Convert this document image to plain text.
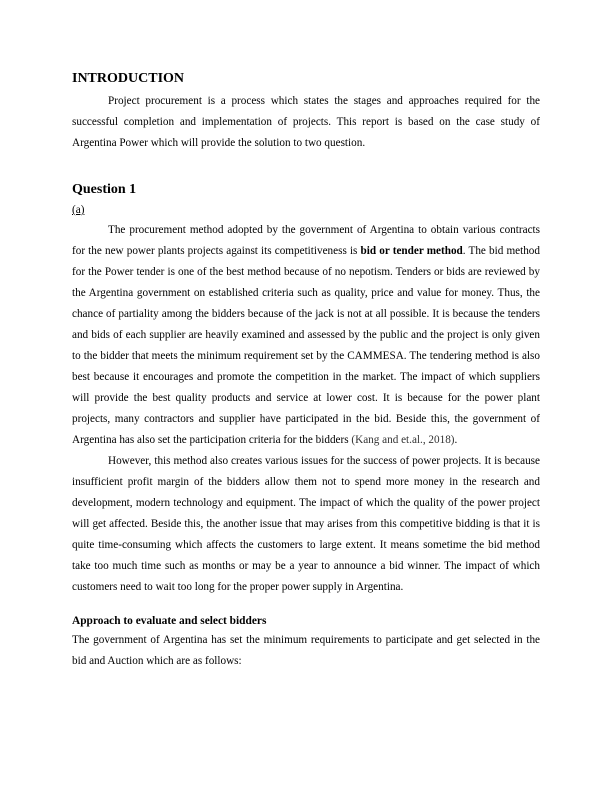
INTRODUCTION

Project procurement is a process which states the stages and approaches required for the successful completion and implementation of projects. This report is based on the case study of Argentina Power which will provide the solution to two question.

Question 1
(a)

The procurement method adopted by the government of Argentina to obtain various contracts for the new power plants projects against its competitiveness is bid or tender method. The bid method for the Power tender is one of the best method because of no nepotism. Tenders or bids are reviewed by the Argentina government on established criteria such as quality, price and value for money. Thus, the chance of partiality among the bidders because of the jack is not at all possible. It is because the tenders and bids of each supplier are heavily examined and assessed by the public and the project is only given to the bidder that meets the minimum requirement set by the CAMMESA. The tendering method is also best because it encourages and promote the competition in the market. The impact of which suppliers will provide the best quality products and service at lower cost. It is because for the power plant projects, many contractors and supplier have participated in the bid. Beside this, the government of Argentina has also set the participation criteria for the bidders (Kang and et.al., 2018).

However, this method also creates various issues for the success of power projects. It is because insufficient profit margin of the bidders allow them not to spend more money in the research and development, modern technology and equipment. The impact of which the quality of the power project will get affected. Beside this, the another issue that may arises from this competitive bidding is that it is quite time-consuming which affects the customers to large extent. It means sometime the bid method take too much time such as months or may be a year to announce a bid winner. The impact of which customers need to wait too long for the proper power supply in Argentina.

Approach to evaluate and select bidders

The government of Argentina has set the minimum requirements to participate and get selected in the bid and Auction which are as follows:
